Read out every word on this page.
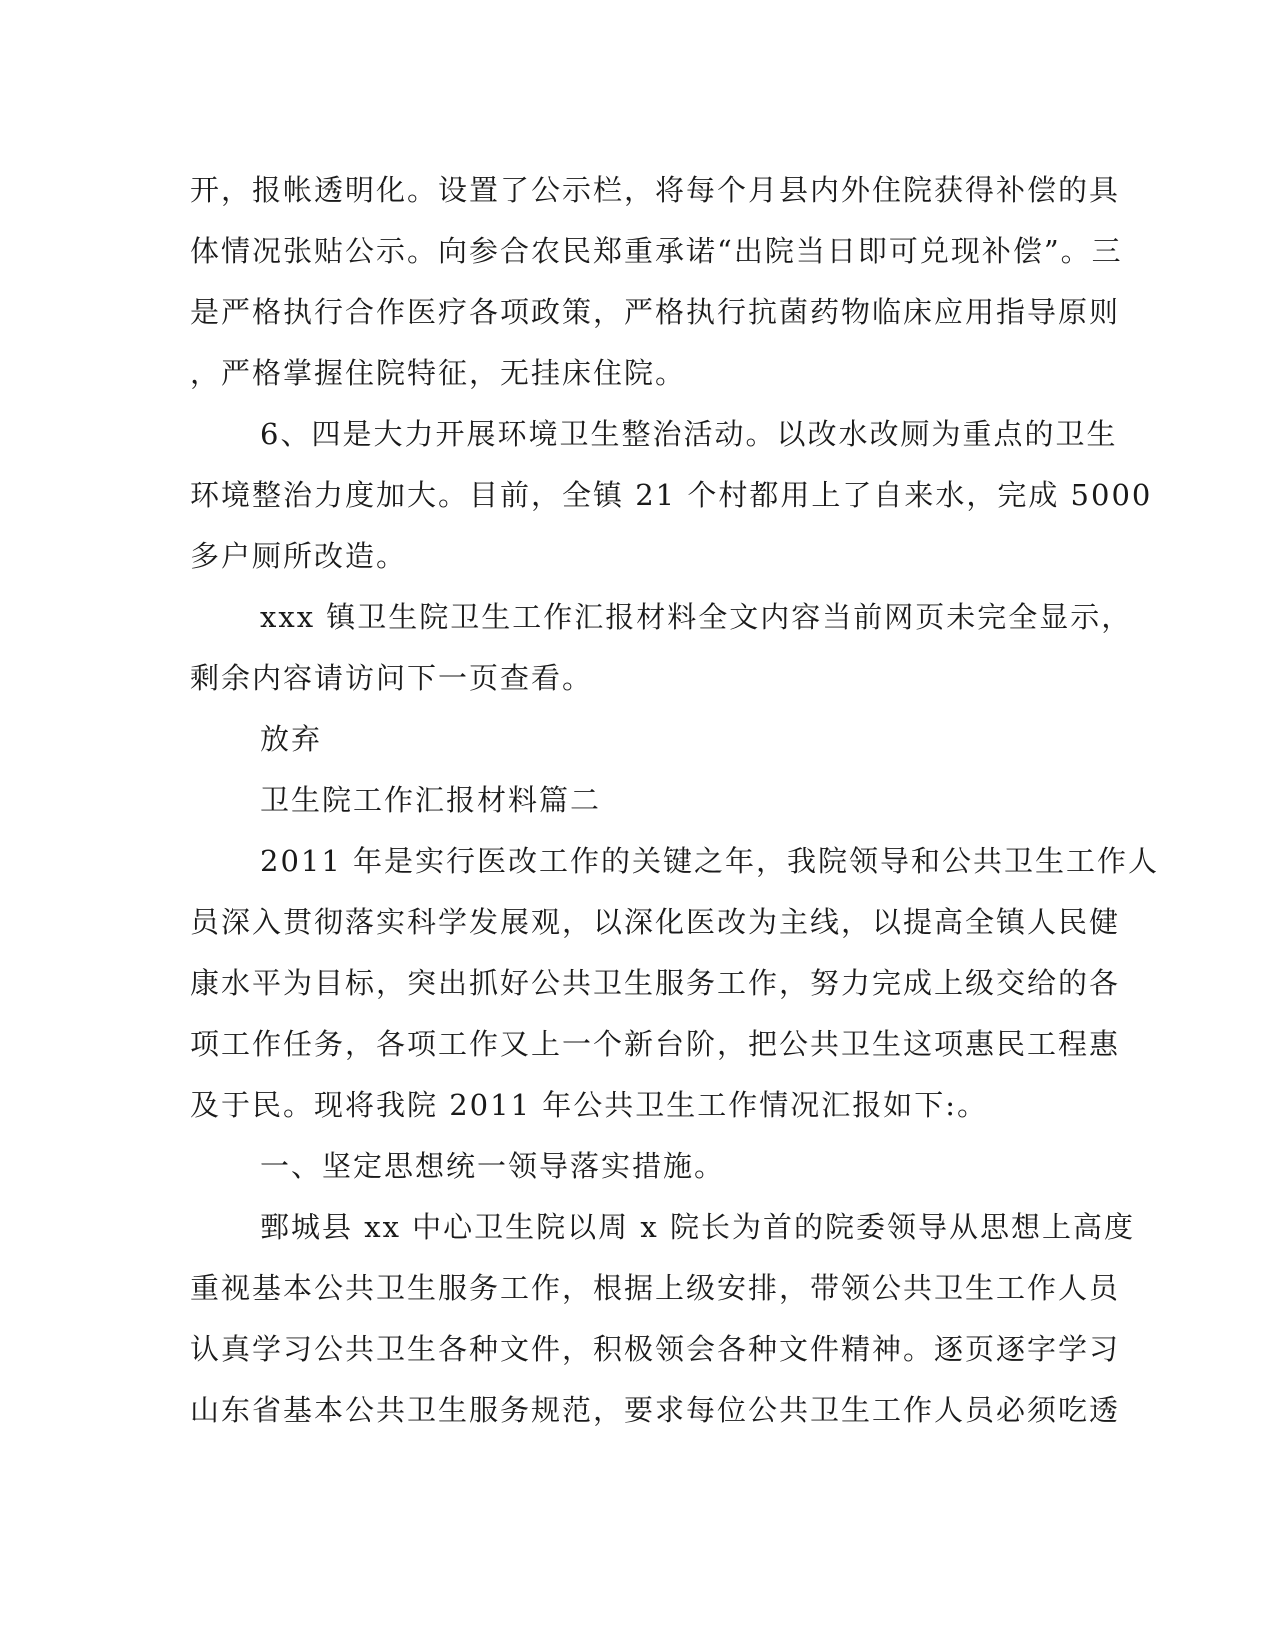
开，报帐透明化。设置了公示栏，将每个月县内外住院获得补偿的具
体情况张贴公示。向参合农民郑重承诺“出院当日即可兑现补偿”。三
是严格执行合作医疗各项政策，严格执行抗菌药物临床应用指导原则
，严格掌握住院特征，无挂床住院。
6、四是大力开展环境卫生整治活动。以改水改厕为重点的卫生
环境整治力度加大。目前，全镇 21 个村都用上了自来水，完成 5000
多户厕所改造。
xxx 镇卫生院卫生工作汇报材料全文内容当前网页未完全显示，
剩余内容请访问下一页查看。
放弃
卫生院工作汇报材料篇二
2011 年是实行医改工作的关键之年，我院领导和公共卫生工作人
员深入贯彻落实科学发展观，以深化医改为主线，以提高全镇人民健
康水平为目标，突出抓好公共卫生服务工作，努力完成上级交给的各
项工作任务，各项工作又上一个新台阶，把公共卫生这项惠民工程惠
及于民。现将我院 2011 年公共卫生工作情况汇报如下:。
一、坚定思想统一领导落实措施。
鄄城县 xx 中心卫生院以周 x 院长为首的院委领导从思想上高度
重视基本公共卫生服务工作，根据上级安排，带领公共卫生工作人员
认真学习公共卫生各种文件，积极领会各种文件精神。逐页逐字学习
山东省基本公共卫生服务规范，要求每位公共卫生工作人员必须吃透
